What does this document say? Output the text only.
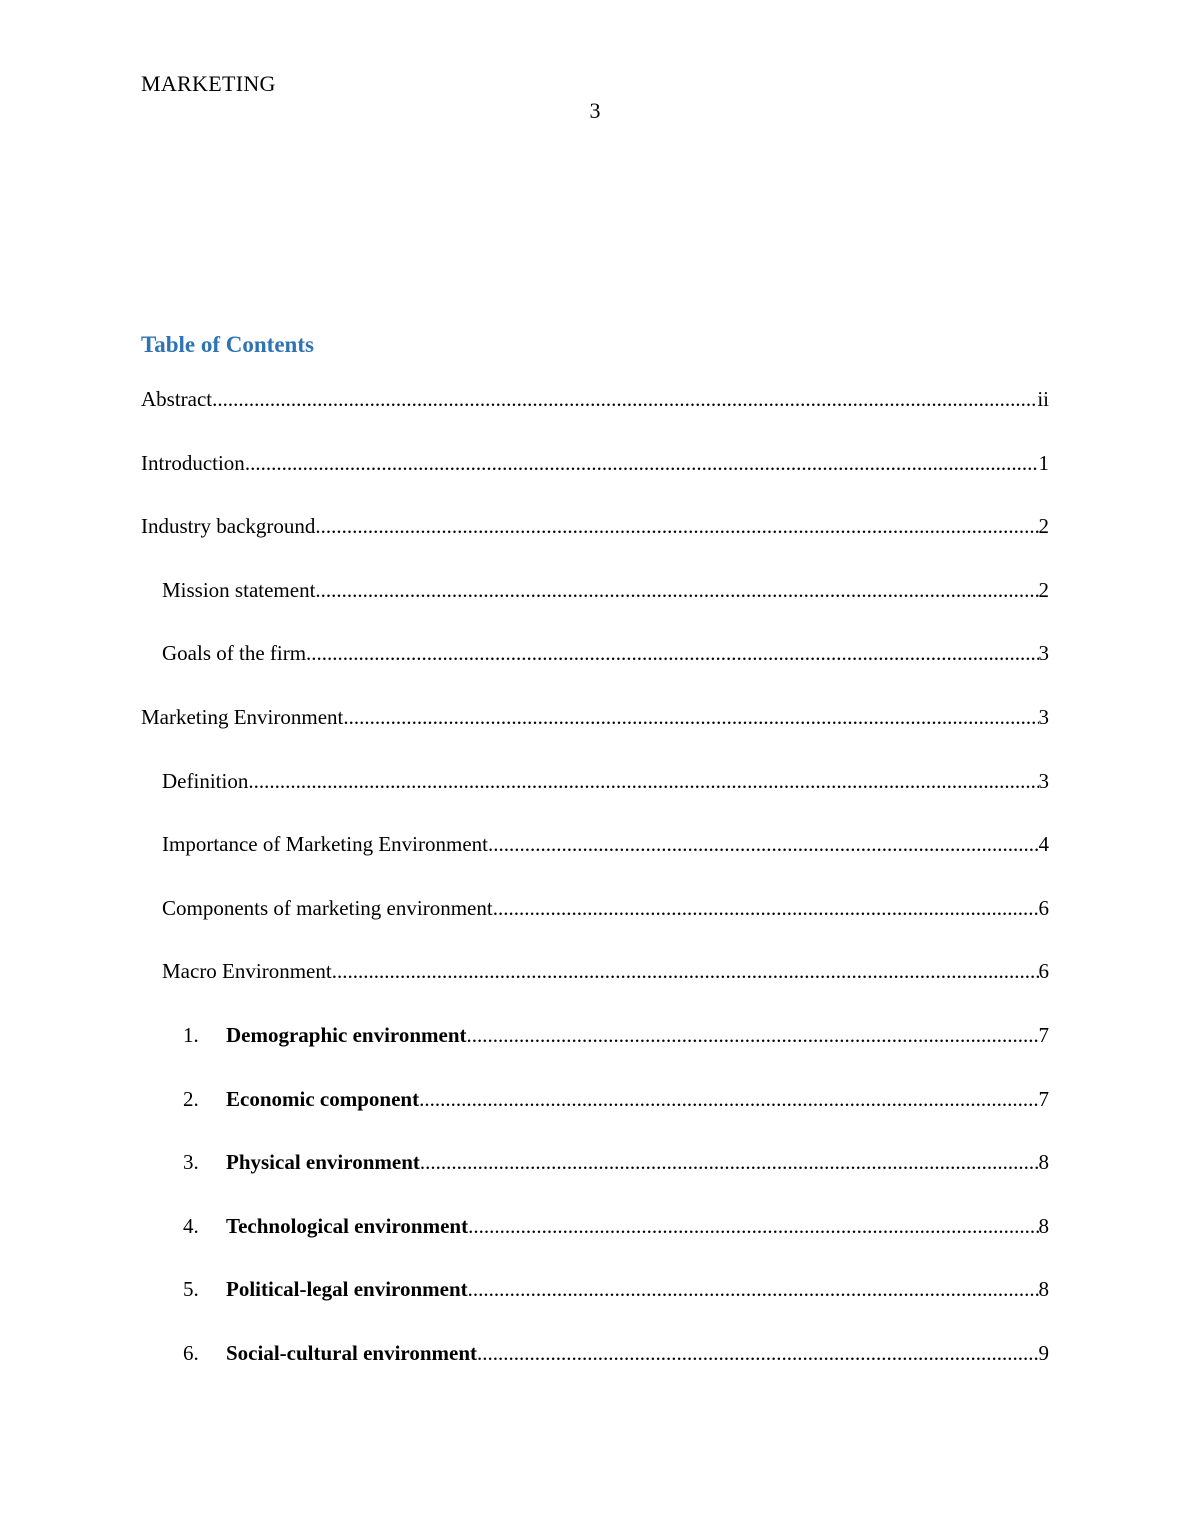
MARKETING
3
Table of Contents
Abstract .....	ii
Introduction .....	1
Industry background .....	2
Mission statement .....	2
Goals of the firm .....	3
Marketing Environment .....	3
Definition .....	3
Importance of Marketing Environment .....	4
Components of marketing environment .....	6
Macro Environment .....	6
1.	Demographic environment .....	7
2.	Economic component .....	7
3.	Physical environment .....	8
4.	Technological environment .....	8
5.	Political-legal environment .....	8
6.	Social-cultural environment .....	9
